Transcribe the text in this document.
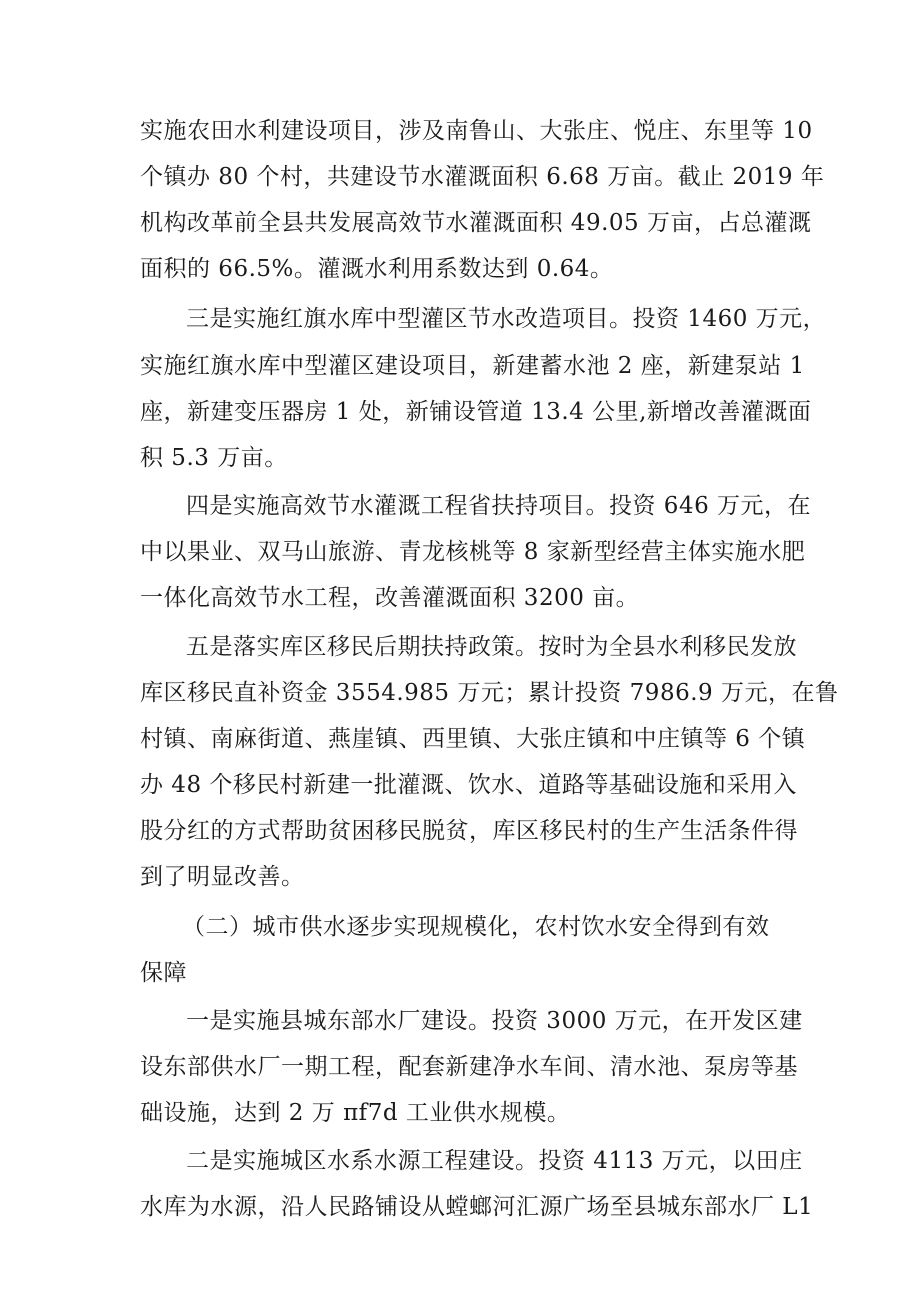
实施农田水利建设项目，涉及南鲁山、大张庄、悦庄、东里等 10
个镇办 80 个村，共建设节水灌溉面积 6.68 万亩。截止 2019 年
机构改革前全县共发展高效节水灌溉面积 49.05 万亩，占总灌溉
面积的 66.5%。灌溉水利用系数达到 0.64。
三是实施红旗水库中型灌区节水改造项目。投资 1460 万元，
实施红旗水库中型灌区建设项目，新建蓄水池 2 座，新建泵站 1
座，新建变压器房 1 处，新铺设管道 13.4 公里,新增改善灌溉面
积 5.3 万亩。
四是实施高效节水灌溉工程省扶持项目。投资 646 万元，在
中以果业、双马山旅游、青龙核桃等 8 家新型经营主体实施水肥
一体化高效节水工程，改善灌溉面积 3200 亩。
五是落实库区移民后期扶持政策。按时为全县水利移民发放
库区移民直补资金 3554.985 万元；累计投资 7986.9 万元，在鲁
村镇、南麻街道、燕崖镇、西里镇、大张庄镇和中庄镇等 6 个镇
办 48 个移民村新建一批灌溉、饮水、道路等基础设施和采用入
股分红的方式帮助贫困移民脱贫，库区移民村的生产生活条件得
到了明显改善。
（二）城市供水逐步实现规模化，农村饮水安全得到有效
保障
一是实施县城东部水厂建设。投资 3000 万元，在开发区建
设东部供水厂一期工程，配套新建净水车间、清水池、泵房等基
础设施，达到 2 万 πf7d 工业供水规模。
二是实施城区水系水源工程建设。投资 4113 万元，以田庄
水库为水源，沿人民路铺设从螳螂河汇源广场至县城东部水厂 L1
